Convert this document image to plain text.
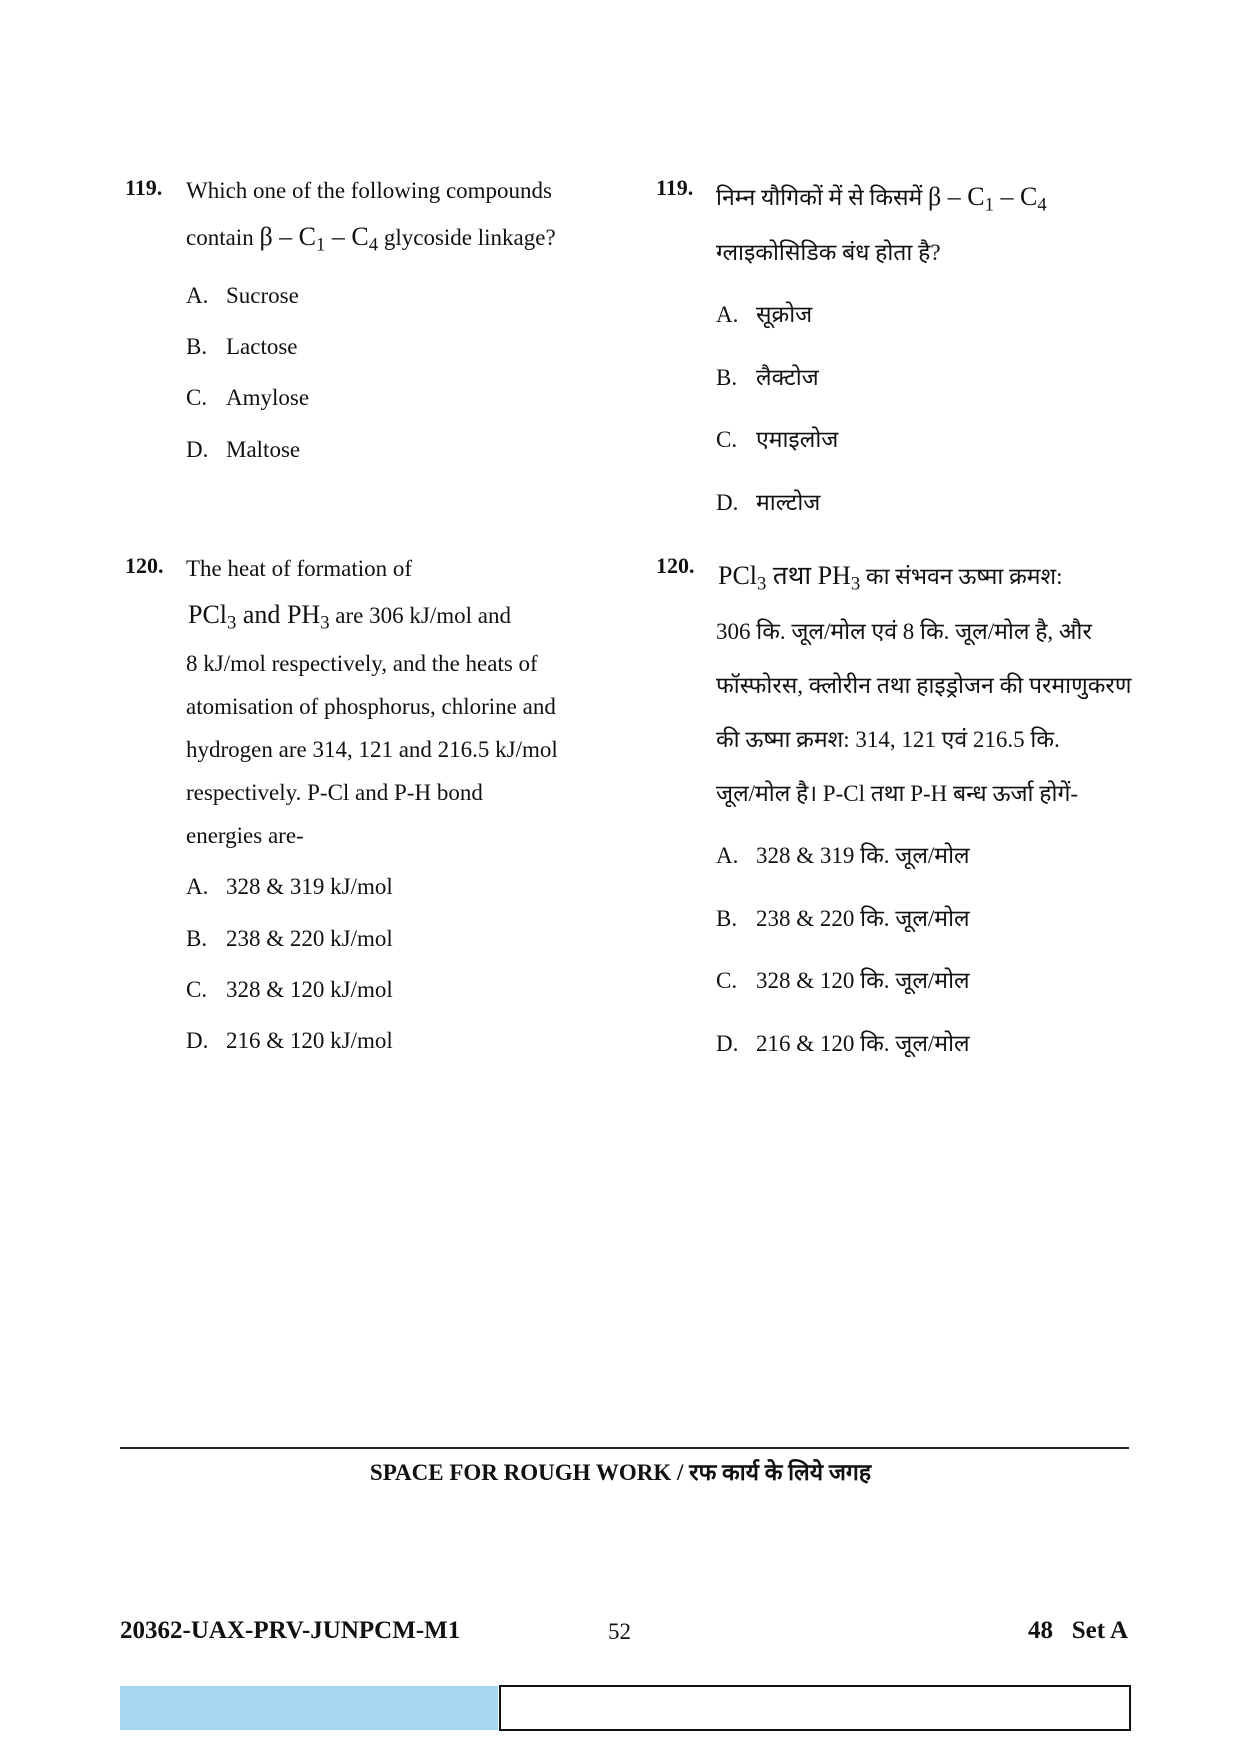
119. Which one of the following compounds
contain β – $C_1 - C_4$ glycoside linkage?
A. Sucrose
B. Lactose
C. Amylose
D. Maltose
120. The heat of formation of
PCl$_3$ and $PH_3$ are 306 kJ/mol and
8 kJ/mol respectively, and the heats of
atomisation of phosphorus, chlorine and
hydrogen are 314, 121 and 216.5 kJ/mol
respectively. P-Cl and P-H bond
energies are-
A. 328 & 319 kJ/mol
B. 238 & 220 kJ/mol
C. 328 & 120 kJ/mol
D. 216 & 120 kJ/mol
119. निम्न यौगिकों में से किसमें β – $C_1 - C_4$
ग्लाइकोसिडिक बंध होता है?
A. सूक्रोज
B. लैक्टोज
C. एमाइलोज
D. माल्टोज
120. PCl$_3$ तथा $PH_3$ का संभवन ऊष्मा क्रमश:
306 कि. जूल/मोल एवं 8 कि. जूल/मोल है, और
फॉस्फोरस, क्लोरीन तथा हाइड्रोजन की परमाणुकरण
की ऊष्मा क्रमश: 314, 121 एवं 216.5 कि.
जूल/मोल है। P-Cl तथा P-H बन्ध ऊर्जा होगें-
A. 328 & 319 कि. जूल/मोल
B. 238 & 220 कि. जूल/मोल
C. 328 & 120 कि. जूल/मोल
D. 216 & 120 कि. जूल/मोल
SPACE FOR ROUGH WORK / रफ कार्य के लिये जगह
20362-UAX-PRV-JUNPCM-M1	52	48   Set A
